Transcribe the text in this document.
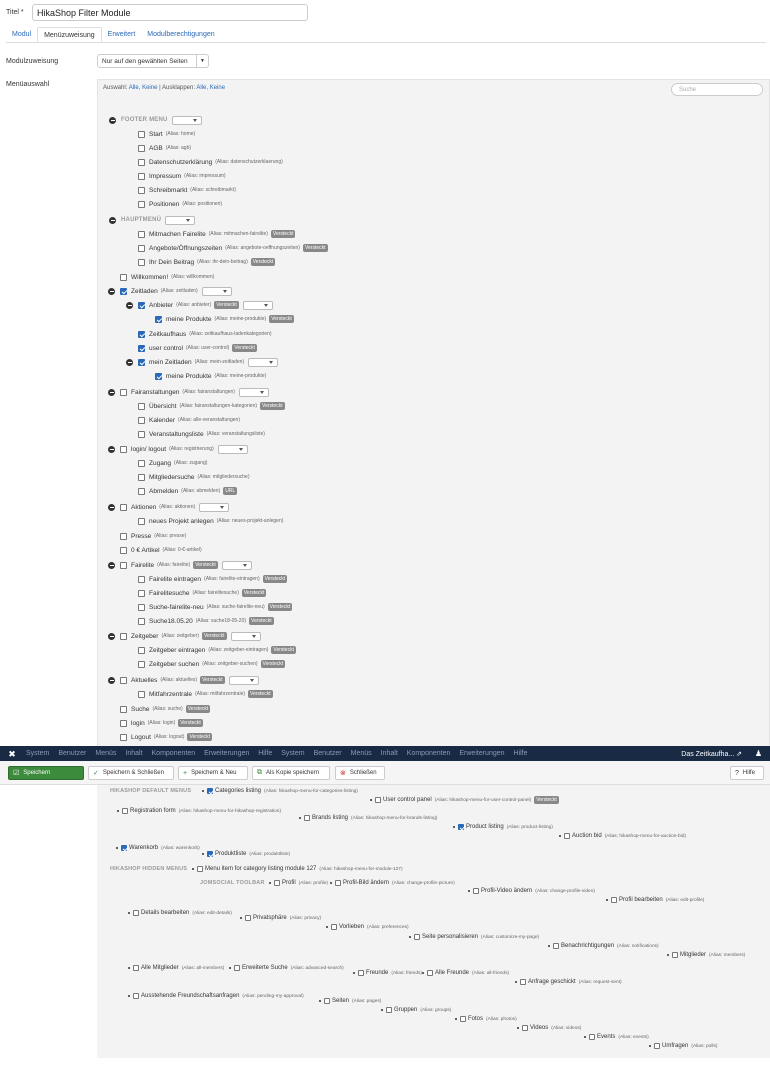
Titel *
HikaShop Filter Module
Modul	Menüzuweisung	Erweitert	Modulberechtigungen
Modulzuweisung	Nur auf den gewählten Seiten	▼
Menüauswahl	Auswahl: Alle, Keine | Ausklappen: Alle, Keine	Suche
FOOTER MENU
Start (Alias: home)
AGB (Alias: agb)
Datenschutzerklärung (Alias: datenschutzerklaerung)
Impressum (Alias: impressum)
Schreibmarkt (Alias: schreibmarkt)
Positionen (Alias: positionen)
HAUPTMENÜ
Mitmachen Fairelite (Alias: mitmachen-fairelite)	Versteckt
Angebote/Öffnungszeiten (Alias: angebote-oeffnungszeiten)	Versteckt
Ihr Dein Beitrag (Alias: ihr-dein-beitrag)	Versteckt
Willkommen! (Alias: willkommen)
Zeitladen (Alias: zeitladen)
Anbieter (Alias: anbieter)	Versteckt
meine Produkte (Alias: meine-produkte)	Versteckt
Zeitkaufhaus (Alias: zeitkaufhaus-ladenkategorien)
user control (Alias: user-control)	Versteckt
mein Zeitladen (Alias: mein-zeitladen)
meine Produkte (Alias: meine-produkte)
Fairanstaltungen (Alias: fairanstaltungen)
Übersicht (Alias: fairanstaltungen-kategorien)	Versteckt
Kalender (Alias: alle-veranstaltungen)
Veranstaltungsliste (Alias: veranstaltungsliste)
login/ logout (Alias: registrierung)
Zugang (Alias: zugang)
Mitgliedersuche (Alias: mitgliedersuche)
Abmelden (Alias: abmelden)	URL
Aktionen (Alias: aktionen)
neues Projekt anlegen (Alias: neues-projekt-anlegen)
Presse (Alias: presse)
0 € Artikel (Alias: 0-€-artikel)
Fairelite (Alias: fairelite)	Versteckt
Fairelite eintragen (Alias: fairelite-eintragen)	Versteckt
Fairelitesuche (Alias: fairelitesuche)	Versteckt
Suche-fairelite-neu (Alias: suche-fairelite-neu)	Versteckt
Suche18.05.20 (Alias: suche18-05-20)	Versteckt
Zeitgeber (Alias: zeitgeber)	Versteckt
Zeitgeber eintragen (Alias: zeitgeber-eintragen)	Versteckt
Zeitgeber suchen (Alias: zeitgeber-suchen)	Versteckt
Aktuelles (Alias: aktuelles)	Versteckt
Mitfahrzentrale (Alias: mitfahrzentrale)	Versteckt
Suche (Alias: suche)	Versteckt
login (Alias: login)	Versteckt
Logout (Alias: logout)	Versteckt
✖	System Benutzer Menüs Inhalt Komponenten Erweiterungen Hilfe System Benutzer Menüs Inhalt Komponenten Erweiterungen Hilfe	Das Zeitkaufha... ⇗ ♟
☑ Speichern	✓ Speichern & Schließen	+ Speichern & Neu	⧉ Als Kopie speichern	⊗ Schließen	? Hilfe
HIKASHOP DEFAULT MENUS	Categories listing (Alias: hikashop-menu-for-categories-listing)
User control panel (Alias: hikashop-menu-for-user-control-panel)	Versteckt
Registration form (Alias: hikashop-menu-for-hikashop-registration)
Brands listing (Alias: hikashop-menu-for-brands-listing)
Product listing (Alias: product-listing)
Auction bid (Alias: hikashop-menu-for-auction-bid)
Warenkorb (Alias: warenkorb)
Produktliste (Alias: produktliste)
HIKASHOP HIDDEN MENUS	Menu item for category listing module 127 (Alias: hikashop-menu-for-module-127)
JOMSOCIAL TOOLBAR	Profil (Alias: profile)	Profil-Bild ändern (Alias: change-profile-picture)
Profil-Video ändern (Alias: change-profile-video)
Profil bearbeiten (Alias: edit-profile)
Details bearbeiten (Alias: edit-details)
Privatsphäre (Alias: privacy)
Vorlieben (Alias: preferences)
Seite personalisieren (Alias: customize-my-page)
Benachrichtigungen (Alias: notifications)
Mitglieder (Alias: members)
Alle Mitglieder (Alias: all-members)	Erweiterte Suche (Alias: advanced-search)
Freunde (Alias: friends) Alle Freunde (Alias: all-friends)
Anfrage geschickt (Alias: request-sent)
Ausstehende Freundschaftsanfragen (Alias: pending-my-approval)
Seiten (Alias: pages)
Gruppen (Alias: groups)
Fotos (Alias: photos)
Videos (Alias: videos)
Events (Alias: events)
Umfragen (Alias: polls)
